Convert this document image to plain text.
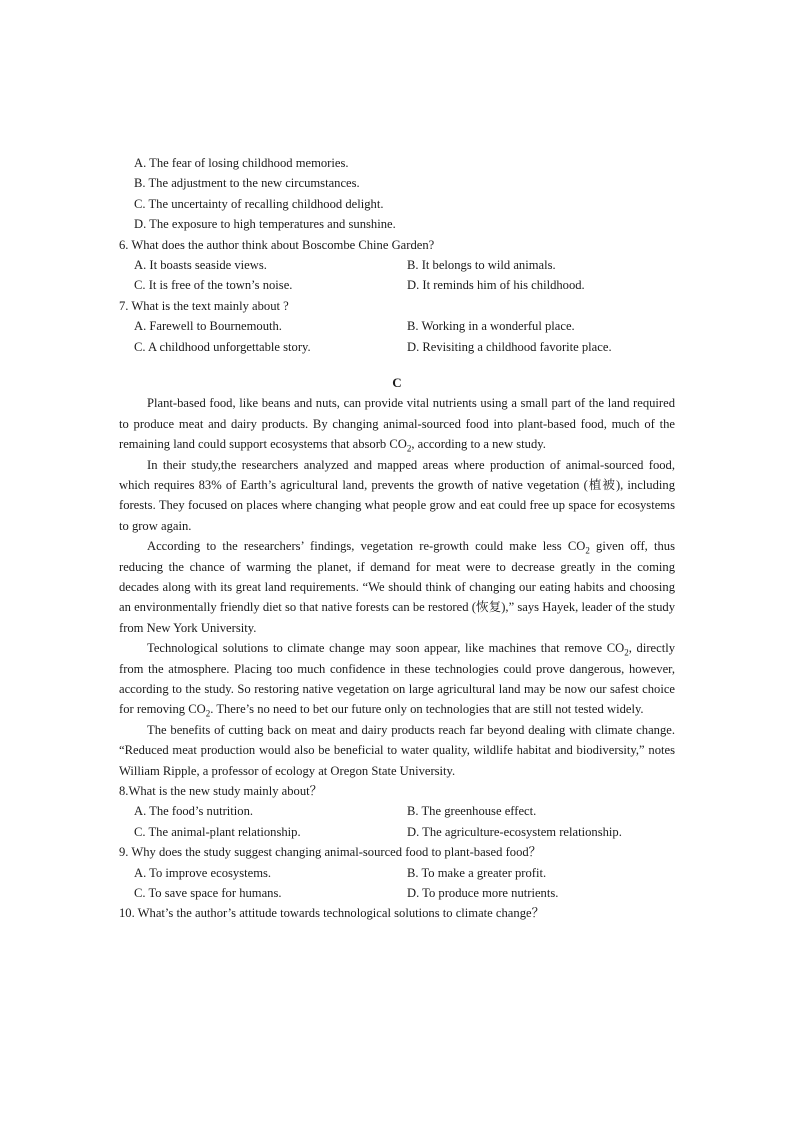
A. The fear of losing childhood memories.
B. The adjustment to the new circumstances.
C. The uncertainty of recalling childhood delight.
D. The exposure to high temperatures and sunshine.
6. What does the author think about Boscombe Chine Garden?
A. It boasts seaside views.	B. It belongs to wild animals.
C. It is free of the town’s noise.	D. It reminds him of his childhood.
7. What is the text mainly about ?
A. Farewell to Bournemouth.	B. Working in a wonderful place.
C. A childhood unforgettable story.	D. Revisiting a childhood favorite place.
C

Plant-based food, like beans and nuts, can provide vital nutrients using a small part of the land required to produce meat and dairy products. By changing animal-sourced food into plant-based food, much of the remaining land could support ecosystems that absorb $CO_2$, according to a new study.

In their study,the researchers analyzed and mapped areas where production of animal-sourced food, which requires 83% of Earth’s agricultural land, prevents the growth of native vegetation (植被), including forests. They focused on places where changing what people grow and eat could free up space for ecosystems to grow again.

According to the researchers’ findings, vegetation re-growth could make less $CO_2$ given off, thus reducing the chance of warming the planet, if demand for meat were to decrease greatly in the coming decades along with its great land requirements. “We should think of changing our eating habits and choosing an environmentally friendly diet so that native forests can be restored (恢复),” says Hayek, leader of the study from New York University.

Technological solutions to climate change may soon appear, like machines that remove $CO_2$, directly from the atmosphere. Placing too much confidence in these technologies could prove dangerous, however, according to the study. So restoring native vegetation on large agricultural land may be now our safest choice for removing $CO_2$. There’s no need to bet our future only on technologies that are still not tested widely.

The benefits of cutting back on meat and dairy products reach far beyond dealing with climate change. “Reduced meat production would also be beneficial to water quality, wildlife habitat and biodiversity,” notes William Ripple, a professor of ecology at Oregon State University.

8.What is the new study mainly about？
A. The food’s nutrition.	B. The greenhouse effect.
C. The animal-plant relationship.	D. The agriculture-ecosystem relationship.
9. Why does the study suggest changing animal-sourced food to plant-based food？
A. To improve ecosystems.	B. To make a greater profit.
C. To save space for humans.	D. To produce more nutrients.
10. What’s the author’s attitude towards technological solutions to climate change？
